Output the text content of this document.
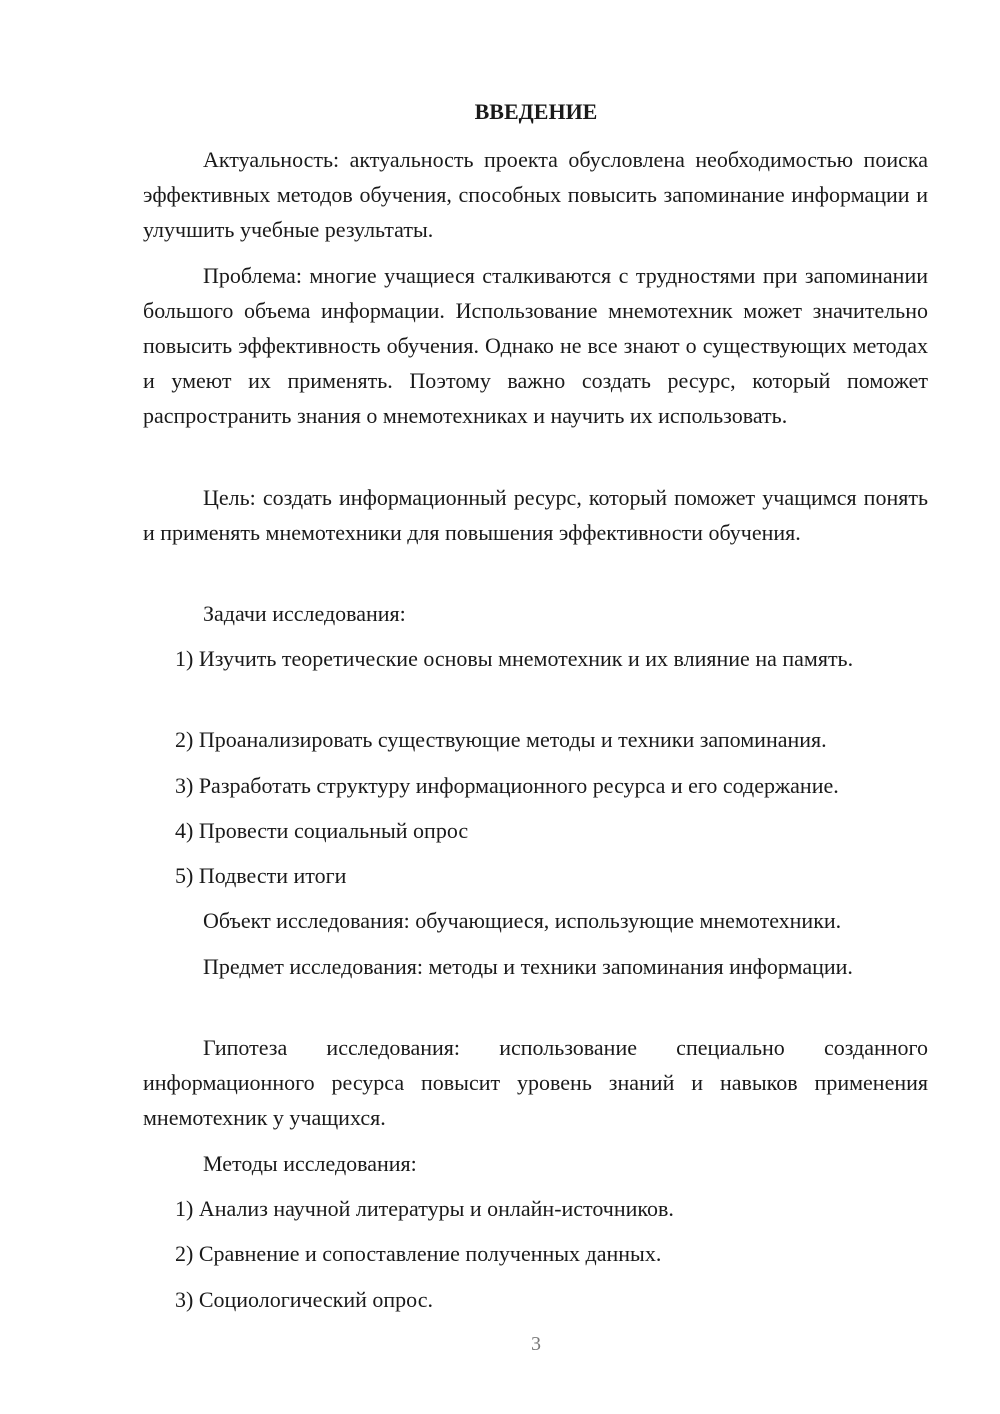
ВВЕДЕНИЕ

Актуальность: актуальность проекта обусловлена необходимостью поиска эффективных методов обучения, способных повысить запоминание информации и улучшить учебные результаты.

Проблема: многие учащиеся сталкиваются с трудностями при запоминании большого объема информации. Использование мнемотехник может значительно повысить эффективность обучения. Однако не все знают о существующих методах и умеют их применять. Поэтому важно создать ресурс, который поможет распространить знания о мнемотехниках и научить их использовать.

Цель: создать информационный ресурс, который поможет учащимся понять и применять мнемотехники для повышения эффективности обучения.

Задачи исследования:

1) Изучить теоретические основы мнемотехник и их влияние на память.

2) Проанализировать существующие методы и техники запоминания.

3) Разработать структуру информационного ресурса и его содержание.

4) Провести социальный опрос

5) Подвести итоги

Объект исследования: обучающиеся, использующие мнемотехники.

Предмет исследования: методы и техники запоминания информации.

Гипотеза исследования: использование специально созданного информационного ресурса повысит уровень знаний и навыков применения мнемотехник у учащихся.

Методы исследования:

1) Анализ научной литературы и онлайн-источников.

2) Сравнение и сопоставление полученных данных.

3) Социологический опрос.

3
